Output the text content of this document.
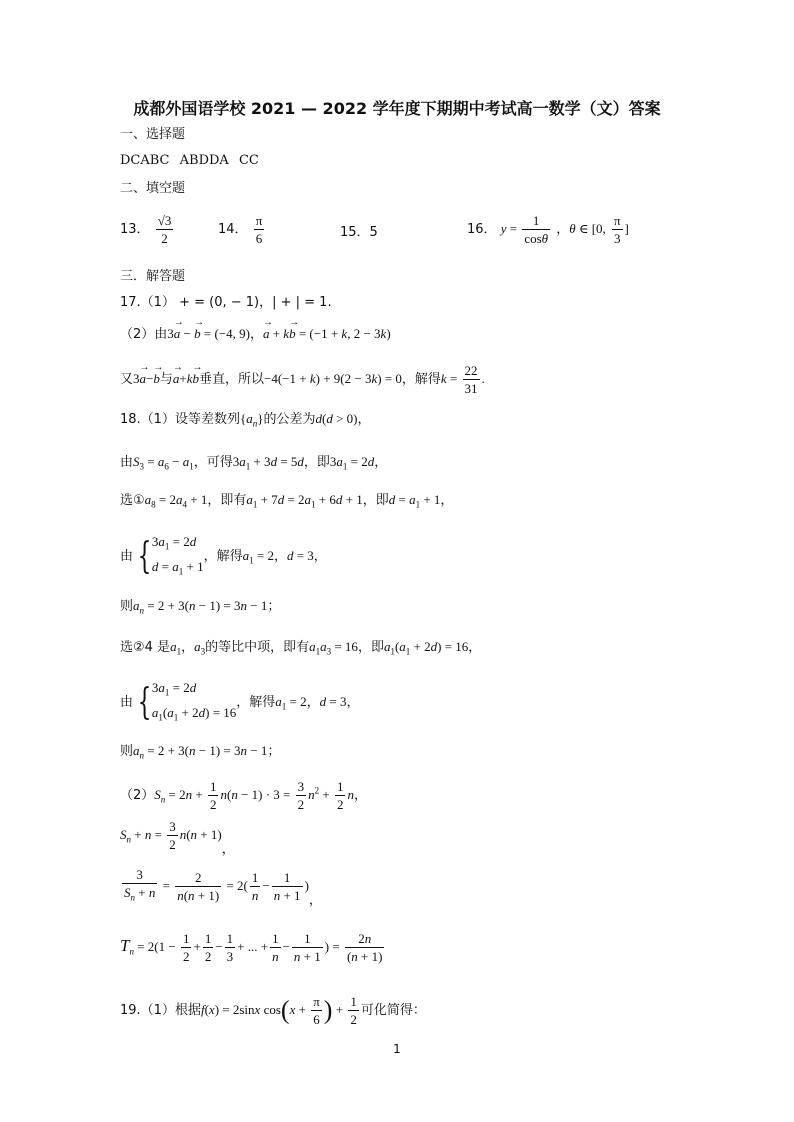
成都外国语学校 2021 — 2022 学年度下期期中考试高一数学（文）答案
一、选择题
DCABC ABDDA CC
二、填空题
13． $\frac{√3}{2}$	14． $\frac{\pi}{6}$	15．5	16． $y = \frac{1}{\cos\theta}$ ，θ ∈ [0, $\frac{\pi}{3}$ ]
三．解答题
17.（1） + = (0, − 1)，| + | = 1.
（2）由3→ a − → b = (−4, 9)，→ a + k→ b = (−1 + k, 2 − 3k)
又3→ a−→ b与→ a+k→ b垂直，所以−4(−1 + k) + 9(2 − 3k) = 0，解得$k = \frac{22}{31}$ .
18.（1）设等差数列$\{a_n\}$的公差为d(d > 0)，
由$S_3 = a_6 - a_1$，可得$3a_1 + 3d = 5d$，即$3a_1 = 2d$，
选$①a_8 = 2a_4 + 1$，即有$a_1 + 7d = 2a_1 + 6d + 1$，即$d = a_1 + 1$，
由 { $3a_1 = 2d$
$d = a_1 + 1$
，解得$a_1 = 2$，d = 3，
则$a_n = 2 + 3(n - 1) = 3n - 1$；
选②4 是$a_1$，$a_3$的等比中项，即有$a_1a_3 = 16$，即$a_1(a_1 + 2d) = 16$，
由 { $3a_1 = 2d$
$a_1(a_1 + 2d) = 16$
，解得$a_1 = 2$，d = 3，
则$a_n = 2 + 3(n - 1) = 3n - 1$；
$(2)S_n = 2n + \frac{1}{2} n(n - 1) \cdot 3 = \frac{3}{2} n^2 + \frac{1}{2}$ n，
$S_n + n = \frac{3}{2} n(n + 1)$，
$\frac{3}{S_n + n} = \frac{2}{n(n + 1)} = 2( \frac{1}{n} - \frac{1}{n + 1}$ )，
$T_n = 2(1 - \frac{1}{2} + \frac{1}{2} - \frac{1}{3}$ + ... + $\frac{1}{n} - \frac{1}{n + 1}$ ) = $\frac{2n}{(n + 1)}$
19.（1）根据f(x) = 2sinx $\cos(x + \frac{\pi}{6}$ ) + $\frac{1}{2}$ 可化简得：
1
